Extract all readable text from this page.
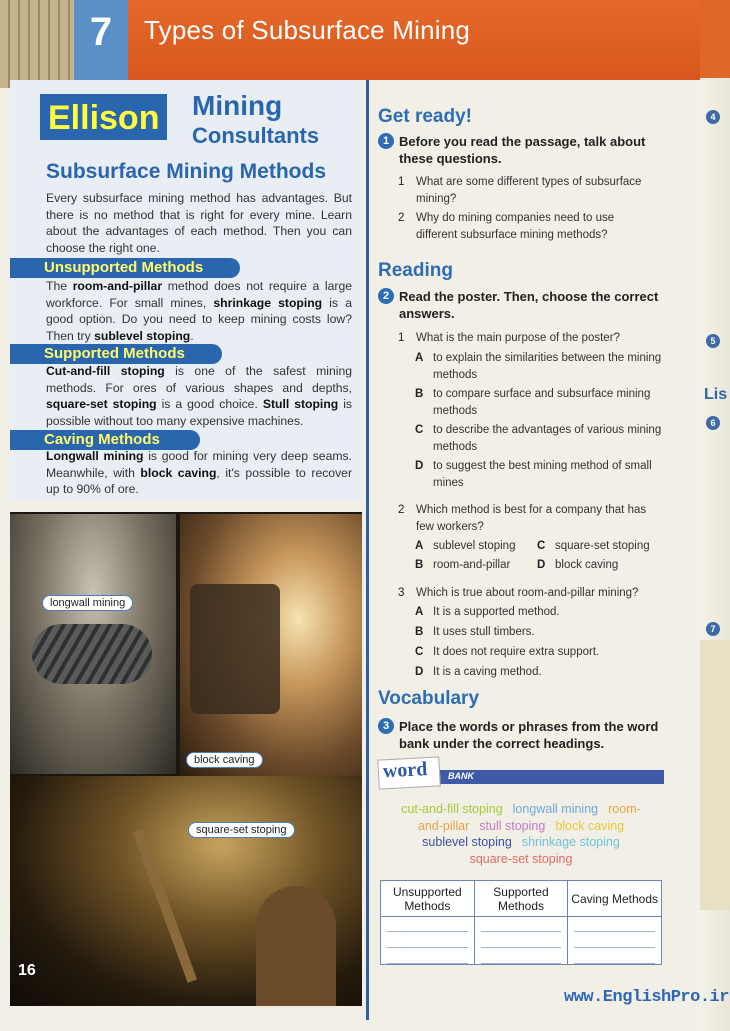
7	Types of Subsurface Mining
4
5
Lis
6
7
Ellison Mining
Consultants
Subsurface Mining Methods
Every subsurface mining method has advantages. But there is no method that is right for every mine. Learn about the advantages of each method. Then you can choose the right one.
Unsupported Methods
The room-and-pillar method does not require a large workforce. For small mines, shrinkage stoping is a good option. Do you need to keep mining costs low? Then try sublevel stoping.
Supported Methods
Cut-and-fill stoping is one of the safest mining methods. For ores of various shapes and depths, square-set stoping is a good choice. Stull stoping is possible without too many expensive machines.
Caving Methods
Longwall mining is good for mining very deep seams. Meanwhile, with block caving, it's possible to recover up to 90% of ore.
longwall mining
block caving
square-set stoping
16
Get ready!
1 Before you read the passage, talk about these questions.
1 What are some different types of subsurface mining?
2 Why do mining companies need to use different subsurface mining methods?
Reading
2 Read the poster. Then, choose the correct answers.
1 What is the main purpose of the poster?
A to explain the similarities between the mining methods
B to compare surface and subsurface mining methods
C to describe the advantages of various mining methods
D to suggest the best mining method of small mines
2 Which method is best for a company that has few workers?
A sublevel stoping	C square-set stoping
B room-and-pillar	D block caving
3 Which is true about room-and-pillar mining?
A It is a supported method.
B It uses stull timbers.
C It does not require extra support.
D It is a caving method.
Vocabulary
3 Place the words or phrases from the word bank under the correct headings.
word	BANK
cut-and-fill stoping longwall mining room-
and-pillar stull stoping block caving
sublevel stoping shrinkage stoping
square-set stoping
Unsupported Methods	Supported Methods	Caving Methods

www.EnglishPro.ir
